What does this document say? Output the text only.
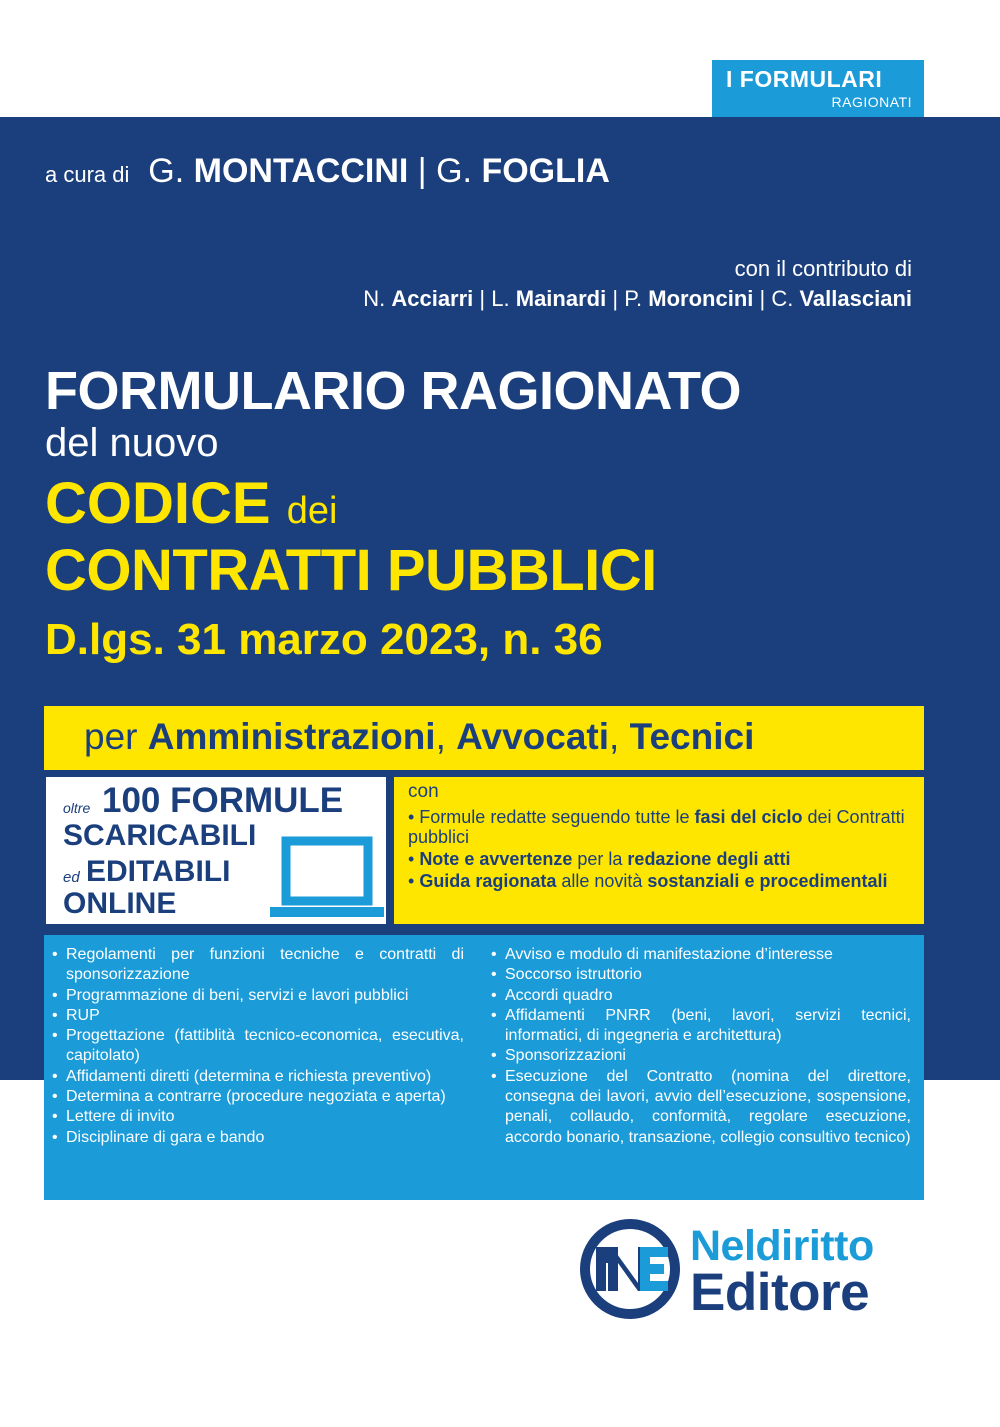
I FORMULARI
RAGIONATI
a cura di G. MONTACCINI | G. FOGLIA
con il contributo di
N. Acciarri | L. Mainardi | P. Moroncini | C. Vallasciani
FORMULARIO RAGIONATO
del nuovo
CODICE dei
CONTRATTI PUBBLICI
D.lgs. 31 marzo 2023, n. 36
per Amministrazioni, Avvocati, Tecnici
oltre 100 FORMULE
SCARICABILI
ed EDITABILI
ONLINE
con
• Formule redatte seguendo tutte le fasi del ciclo dei Contratti pubblici
• Note e avvertenze per la redazione degli atti
• Guida ragionata alle novità sostanziali e procedimentali
• Regolamenti per funzioni tecniche e contratti di sponsorizzazione
• Programmazione di beni, servizi e lavori pubblici
• RUP
• Progettazione (fattiblità tecnico-economica, esecutiva, capitolato)
• Affidamenti diretti (determina e richiesta preventivo)
• Determina a contrarre (procedure negoziata e aperta)
• Lettere di invito
• Disciplinare di gara e bando
• Avviso e modulo di manifestazione d’interesse
• Soccorso istruttorio
• Accordi quadro
• Affidamenti PNRR (beni, lavori, servizi tecnici, informatici, di ingegneria e architettura)
• Sponsorizzazioni
• Esecuzione del Contratto (nomina del direttore, consegna dei lavori, avvio dell’esecuzione, sospensione, penali, collaudo, conformità, regolare esecuzione, accordo bonario, transazione, collegio consultivo tecnico)
Neldiritto
Editore
